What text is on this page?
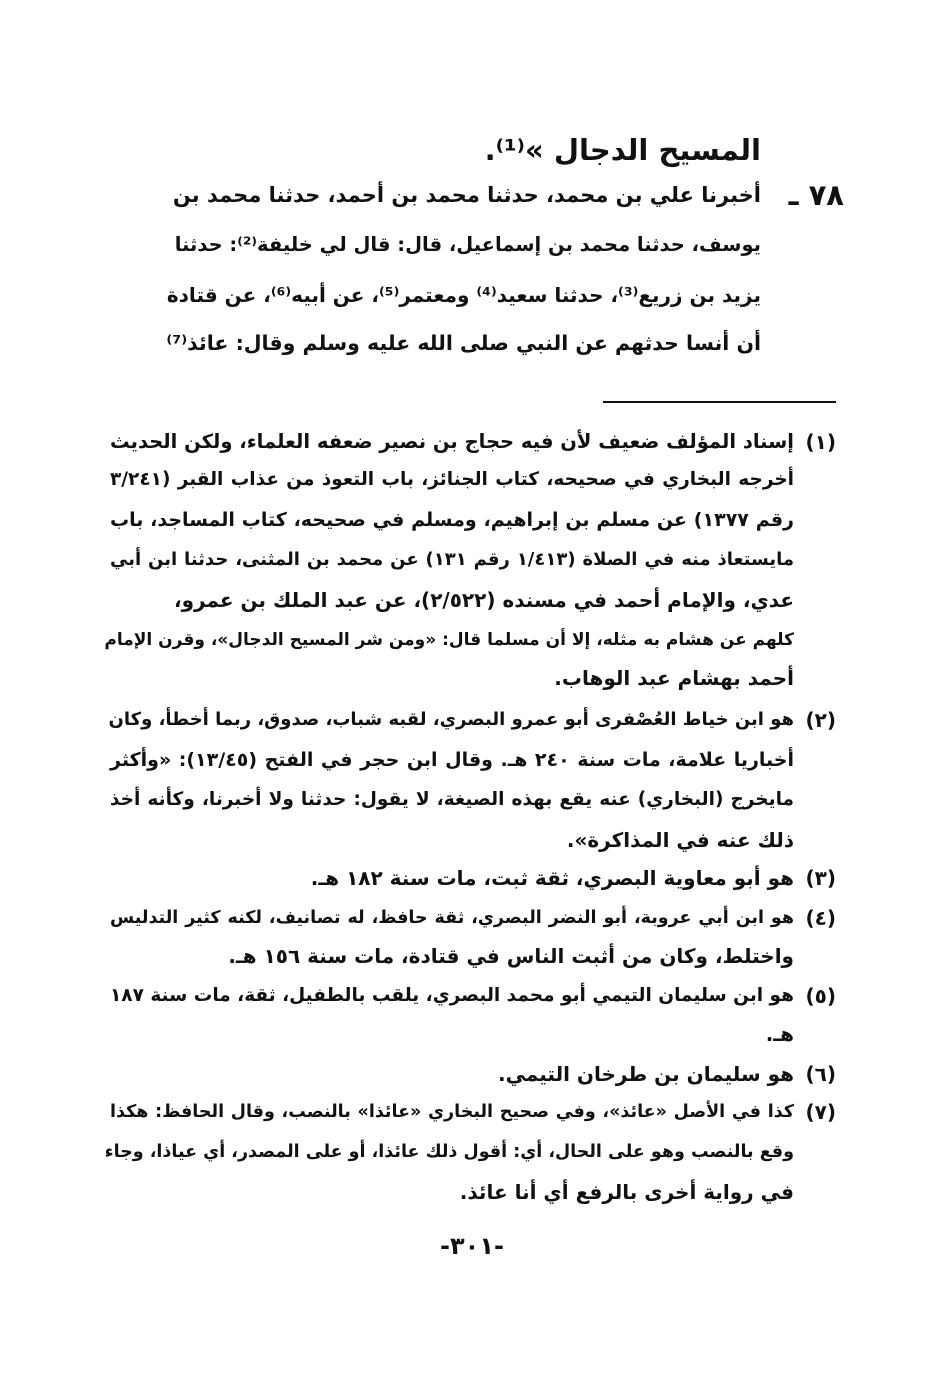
المسيح الدجال »⁽¹⁾.
٧٨ ـ
أخبرنا علي بن محمد، حدثنا محمد بن أحمد، حدثنا محمد بن
يوسف، حدثنا محمد بن إسماعيل، قال: قال لي خليفة⁽²⁾: حدثنا
يزيد بن زريع⁽³⁾، حدثنا سعيد⁽⁴⁾ ومعتمر⁽⁵⁾، عن أبيه⁽⁶⁾، عن قتادة
أن أنسا حدثهم عن النبي صلى الله عليه وسلم وقال: عائذ⁽⁷⁾
(١)
إسناد المؤلف ضعيف لأن فيه حجاج بن نصير ضعفه العلماء، ولكن الحديث
أخرجه البخاري في صحيحه، كتاب الجنائز، باب التعوذ من عذاب القبر (٣/٢٤١
رقم ١٣٧٧) عن مسلم بن إبراهيم، ومسلم في صحيحه، كتاب المساجد، باب
مايستعاذ منه في الصلاة (١/٤١٣ رقم ١٣١) عن محمد بن المثنى، حدثنا ابن أبي
عدي، والإمام أحمد في مسنده (٢/٥٢٢)، عن عبد الملك بن عمرو،
كلهم عن هشام به مثله، إلا أن مسلما قال: «ومن شر المسيح الدجال»، وقرن الإمام
أحمد بهشام عبد الوهاب.
(٢)
هو ابن خياط العُصْفرى أبو عمرو البصري، لقبه شباب، صدوق، ربما أخطأ، وكان
أخباريا علامة، مات سنة ٢٤٠ هـ. وقال ابن حجر في الفتح (١٣/٤٥): «وأكثر
مايخرج (البخاري) عنه يقع بهذه الصيغة، لا يقول: حدثنا ولا أخبرنا، وكأنه أخذ
ذلك عنه في المذاكرة».
(٣)
هو أبو معاوية البصري، ثقة ثبت، مات سنة ١٨٢ هـ.
(٤)
هو ابن أبي عروبة، أبو النضر البصري، ثقة حافظ، له تصانيف، لكنه كثير التدليس
واختلط، وكان من أثبت الناس في قتادة، مات سنة ١٥٦ هـ.
(٥)
هو ابن سليمان التيمي أبو محمد البصري، يلقب بالطفيل، ثقة، مات سنة ١٨٧
هـ.
(٦)
هو سليمان بن طرخان التيمي.
(٧)
كذا في الأصل «عائذ»، وفي صحيح البخاري «عائذا» بالنصب، وقال الحافظ: هكذا
وقع بالنصب وهو على الحال، أي: أقول ذلك عائذا، أو على المصدر، أي عياذا، وجاء
في رواية أخرى بالرفع أي أنا عائذ.
-٣٠١-
